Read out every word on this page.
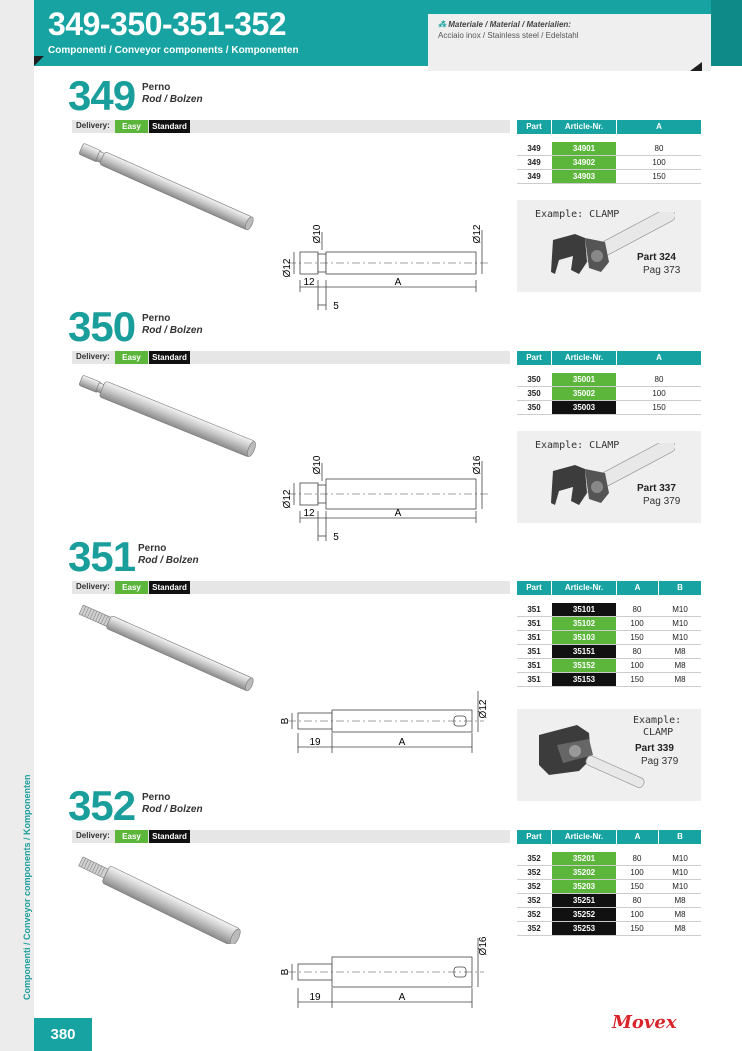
Componenti / Conveyor components / Komponenten
349-350-351-352
Componenti / Conveyor components / Komponenten
⁂ Materiale / Material / Materialien:
Acciaio inox / Stainless steel / Edelstahl
349 Perno
Rod / Bolzen
Delivery:	Easy	Standard	Part	Article-Nr.	A
349	34901	80
349	34902	100
349	34903	150
Ø12
Ø10	Ø12
12	A
5
Example: CLAMP
Part 324
Pag 373
350 Perno
Rod / Bolzen
Delivery:	Easy	Standard	Part	Article-Nr.	A
350	35001	80
350	35002	100
350	35003	150
Ø12
Ø10	Ø16
12	A
5
Example: CLAMP
Part 337
Pag 379
351 Perno
Rod / Bolzen
Delivery:	Easy	Standard	Part	Article-Nr.	A	B
351	35101	80	M10
351	35102	100	M10
351	35103	150	M10
351	35151	80	M8
351	35152	100	M8
351	35153	150	M8
B
Ø12
19	A
Example:
CLAMP
Part 339
Pag 379
352 Perno
Rod / Bolzen
Delivery:	Easy	Standard	Part	Article-Nr.	A	B
352	35201	80	M10
352	35202	100	M10
352	35203	150	M10
352	35251	80	M8
352	35252	100	M8
352	35253	150	M8
B
Ø16
19	A
380
Movex
